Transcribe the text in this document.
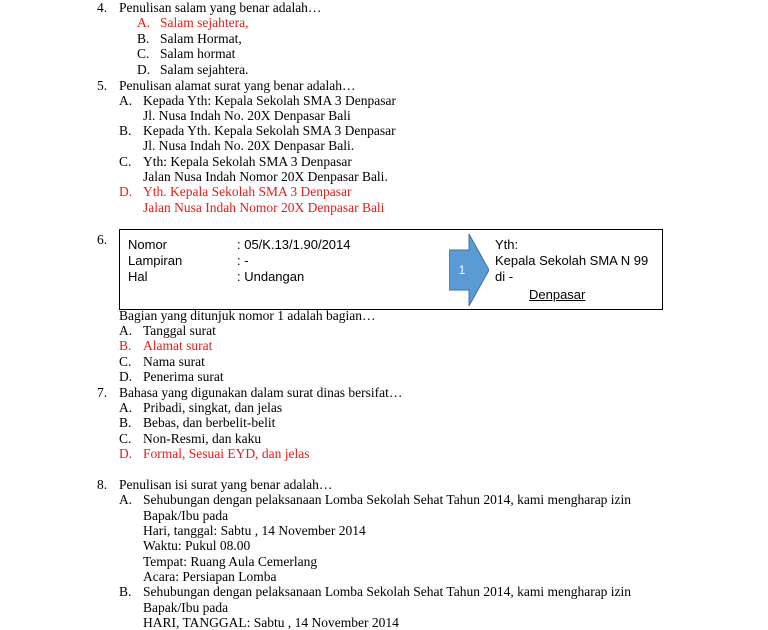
4. Penulisan salam yang benar adalah…
A. Salam sejahtera,
B. Salam Hormat,
C. Salam hormat
D. Salam sejahtera.
5. Penulisan alamat surat yang benar adalah…
A. Kepada Yth: Kepala Sekolah SMA 3 Denpasar
Jl. Nusa Indah No. 20X Denpasar Bali
B. Kepada Yth. Kepala Sekolah SMA 3 Denpasar
Jl. Nusa Indah No. 20X Denpasar Bali.
C. Yth: Kepala Sekolah SMA 3 Denpasar
Jalan Nusa Indah Nomor 20X Denpasar Bali.
D. Yth. Kepala Sekolah SMA 3 Denpasar
Jalan Nusa Indah Nomor 20X Denpasar Bali
6. Nomor	: 05/K.13/1.90/2014
Lampiran	: -
Hal	: Undangan
Yth:
Kepala Sekolah SMA N 99
di -
Denpasar
1
Bagian yang ditunjuk nomor 1 adalah bagian…
A. Tanggal surat
B. Alamat surat
C. Nama surat
D. Penerima surat
7. Bahasa yang digunakan dalam surat dinas bersifat…
A. Pribadi, singkat, dan jelas
B. Bebas, dan berbelit-belit
C. Non-Resmi, dan kaku
D. Formal, Sesuai EYD, dan jelas
8. Penulisan isi surat yang benar adalah…
A. Sehubungan dengan pelaksanaan Lomba Sekolah Sehat Tahun 2014, kami mengharap izin
Bapak/Ibu pada
Hari, tanggal: Sabtu , 14 November 2014
Waktu: Pukul 08.00
Tempat: Ruang Aula Cemerlang
Acara: Persiapan Lomba
B. Sehubungan dengan pelaksanaan Lomba Sekolah Sehat Tahun 2014, kami mengharap izin
Bapak/Ibu pada
HARI, TANGGAL: Sabtu , 14 November 2014
